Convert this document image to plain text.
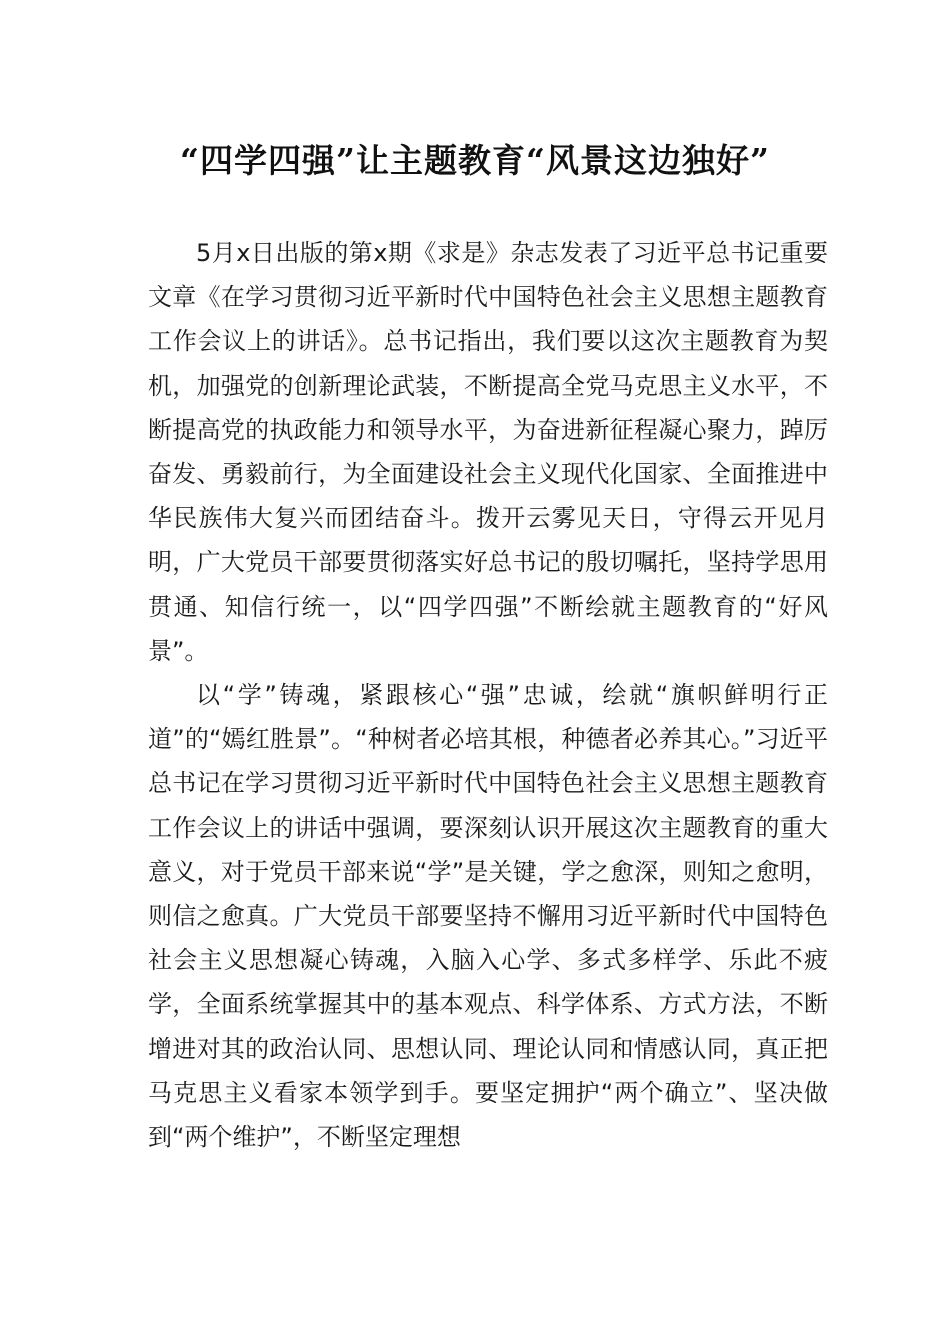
“四学四强”让主题教育“风景这边独好”

5月x日出版的第x期《求是》杂志发表了习近平总书记重要文章《在学习贯彻习近平新时代中国特色社会主义思想主题教育工作会议上的讲话》。总书记指出，我们要以这次主题教育为契机，加强党的创新理论武装，不断提高全党马克思主义水平，不断提高党的执政能力和领导水平，为奋进新征程凝心聚力，踔厉奋发、勇毅前行，为全面建设社会主义现代化国家、全面推进中华民族伟大复兴而团结奋斗。拨开云雾见天日，守得云开见月明，广大党员干部要贯彻落实好总书记的殷切嘱托，坚持学思用贯通、知信行统一，以“四学四强”不断绘就主题教育的“好风景”。

以“学”铸魂，紧跟核心“强”忠诚，绘就“旗帜鲜明行正道”的“嫣红胜景”。“种树者必培其根，种德者必养其心。”习近平总书记在学习贯彻习近平新时代中国特色社会主义思想主题教育工作会议上的讲话中强调，要深刻认识开展这次主题教育的重大意义，对于党员干部来说“学”是关键，学之愈深，则知之愈明，则信之愈真。广大党员干部要坚持不懈用习近平新时代中国特色社会主义思想凝心铸魂，入脑入心学、多式多样学、乐此不疲学，全面系统掌握其中的基本观点、科学体系、方式方法，不断增进对其的政治认同、思想认同、理论认同和情感认同，真正把马克思主义看家本领学到手。要坚定拥护“两个确立”、坚决做到“两个维护”，不断坚定理想
